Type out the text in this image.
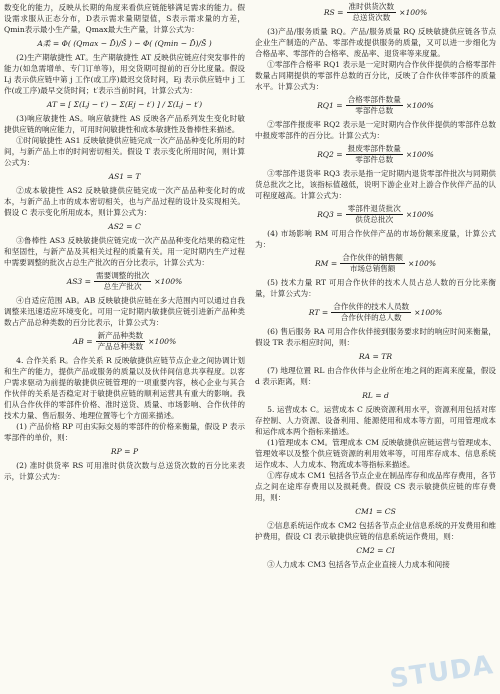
数变化的能力，反映从长期的角度来看供应链能够满足需求的能力。假设需求服从正态分布，D表示需求量期望值，S表示需求量的方差，Qmin表示最小生产量，Qmax最大生产量，计算公式为：

A柔 = Φ( (Qmax − D̄)/S̄ ) − Φ( (Qmin − D̄)/S̄ )

(2)生产期敏捷性 AT。生产期敏捷性 AT 反映供应链应付突发事件的能力(如急需增单、专门订单等)，用交货期可提前的百分比度量。假设 Lj 表示供应链中第 j 工作(或工序)最迟交货时间，Ej 表示供应链中 j 工作(或工序)最早交货时间；t′表示当前时间，计算公式为：

AT = [ Σ(Lj − t′) − Σ(Ej − t′) ] / Σ(Lj − t′)

(3)响应敏捷性 AS。响应敏捷性 AS 反映各产品系列发生变化时敏捷供应链的响应能力，可用时间敏捷性和成本敏捷性及鲁棒性来描述。

①时间敏捷性 AS1 反映敏捷供应链完成一次产品品种变化所用的时间，与新产品上市的时间密切相关。假设 T 表示变化所用时间，则计算公式为：

AS1 = T

②成本敏捷性 AS2 反映敏捷供应链完成一次产品品种变化时的成本，与新产品上市的成本密切相关，也与产品过程的设计及实现相关。假设 C 表示变化所用成本，则计算公式为：

AS2 = C

③鲁棒性 AS3 反映敏捷供应链完成一次产品品种变化结果的稳定性和坚固性，与新产品及其相关过程的质量有关。用一定时期内生产过程中需要调整的批次占总生产批次的百分比表示，计算公式为：

$AS3 = \frac{\text{需要调整的批次}}{\text{总生产批次}} \times 100\%$

④自适应范围 AB。AB 反映敏捷供应链在多大范围内可以通过自我调整来迅速适应环境变化。可用一定时期内敏捷供应链引进新产品种类数占产品总种类数的百分比表示，计算公式为：

AB = $\frac{\text{新产品种类数}}{\text{产品总种类数}} \times 100\%$

4. 合作关系 R。合作关系 R 反映敏捷供应链节点企业之间协调计划和生产的能力，提供产品或服务的质量以及伙伴间信息共享程度。以客户需求驱动为前提的敏捷供应链管理的一项重要内容，核心企业与其合作伙伴的关系是否稳定对于敏捷供应链的顺利运营具有重大的影响。我们从合作伙伴的零部件价格、准时送货、质量、市场影响、合作伙伴的技术力量、售后服务、地理位置等七个方面来描述。

(1) 产品价格 RP 可由实际交易的零部件的价格来衡量，假设 P 表示零部件的单价，则：

RP = P

(2) 准时供货率 RS 可用准时供货次数与总送货次数的百分比来表示，计算公式为：

RS = $\frac{\text{准时供货次数}}{\text{总送货次数}} \times 100\%$

(3)产品/服务质量 RQ。产品/服务质量 RQ 反映敏捷供应链各节点企业生产制造的产品、零部件或提供服务的质量，又可以进一步细化为合格品率、零部件的合格率、废品率、退货率等来度量。

①零部件合格率 RQ1 表示是一定时期内合作伙伴提供的合格零部件数量占同期提供的零部件总数的百分比，反映了合作伙伴零部件的质量水平。计算公式为：

$RQ1 = \frac{\text{合格零部件数量}}{\text{零部件总数}} \times 100\%$

②零部件报废率 RQ2 表示是一定时期内合作伙伴提供的零部件总数中报废零部件的百分比。计算公式为：

$RQ2 = \frac{\text{报废零部件数量}}{\text{零部件总数}} \times 100\%$

③零部件退货率 RQ3 表示是指一定时期内退货零部件批次与同期供货总批次之比，该指标值越低，说明下游企业对上游合作伙伴产品的认可程度越高。计算公式为：

$RQ3 = \frac{\text{零部件退货批次}}{\text{供货总批次}} \times 100\%$

(4) 市场影响 RM 可用合作伙伴产品的市场份额来度量，计算公式为：

RM = $\frac{\text{合作伙伴的销售额}}{\text{市场总销售额}} \times 100\%$

(5) 技术力量 RT 可用合作伙伴的技术人员占总人数的百分比来衡量，计算公式为：

RT = $\frac{\text{合作伙伴的技术人员数}}{\text{合作伙伴的总人数}} \times 100\%$

(6) 售后服务 RA 可用合作伙伴接到服务要求时的响应时间来衡量，假设 TR 表示相应时间，则：

RA = TR

(7) 地理位置 RL 由合作伙伴与企业所在地之间的距离来度量，假设 d 表示距离，则：

RL = d

5. 运营成本 C。运营成本 C 反映资源利用水平，资源利用包括对库存控制、人力资源、设备利用、能源使用和成本等方面，可用管理成本和运作成本两个指标来描述。

(1)管理成本 CM。管理成本 CM 反映敏捷供应链运营与管理成本、管理效率以及整个供应链资源的利用效率等，可用库存成本、信息系统运作成本、人力成本、物流成本等指标来描述。

①库存成本 CM1 包括各节点企业在制品库存和成品库存费用，各节点之间在途库存费用以及损耗费。假设 CS 表示敏捷供应链的库存费用，则：

CM1 = CS

②信息系统运作成本 CM2 包括各节点企业信息系统的开发费用和维护费用，假设 CI 表示敏捷供应链的信息系统运作费用，则：

CM2 = CI

③人力成本 CM3 包括各节点企业直接人力成本和间接

STUDA
